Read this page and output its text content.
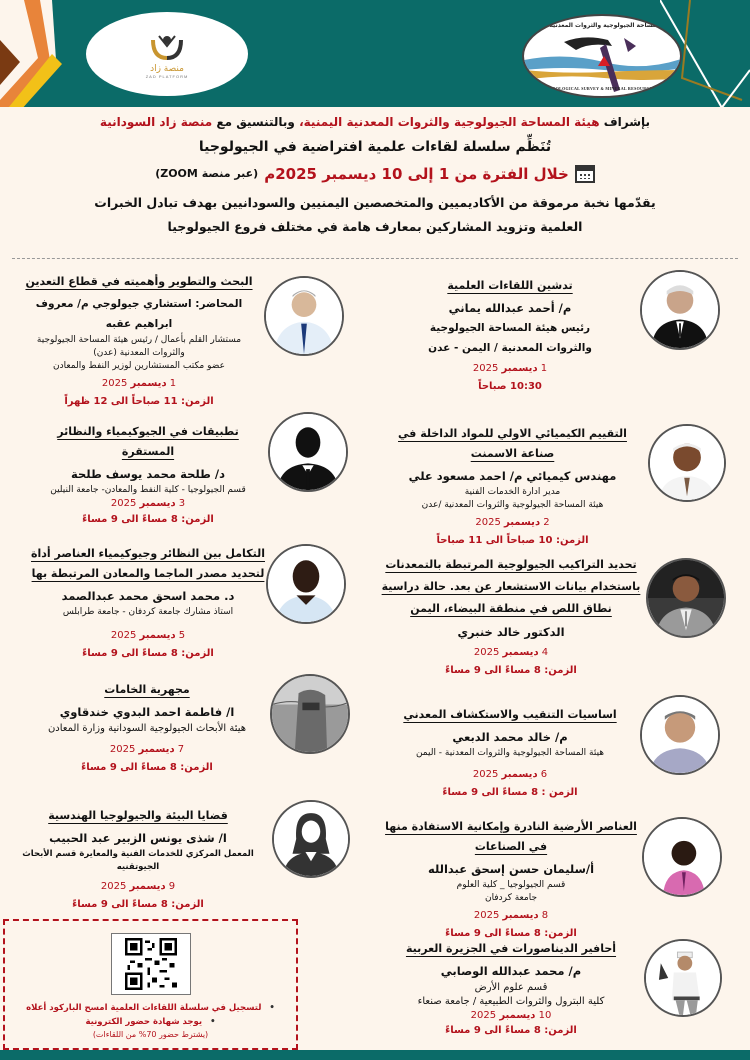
منصة زاد
ZAD PLATFORM
هيئة المساحة الجيولوجية والثروات المعدنية اليمنية
YEMEN GEOLOGICAL SURVEY & MINERAL RESOURCES BOARD
بإشراف هيئة المساحة الجيولوجية والثروات المعدنية اليمنية، وبالتنسيق مع منصة زاد السودانية
تُنَظِّم سلسلة لقاءات علمية افتراضية في الجيولوجيا
خلال الفترة من 1 إلى 10 ديسمبر 2025م
(عبر منصة ZOOM)
يقدّمها نخبة مرموقة من الأكاديميين والمتخصصين اليمنيين والسودانيين بهدف تبادل الخبرات العلمية وتزويد المشاركين بمعارف هامة في مختلف فروع الجيولوجيا
تدشين اللقاءات العلمية
م/ أحمد عبدالله يماني
رئيس هيئة المساحة الجيولوجية
والثروات المعدنية / اليمن - عدن
1 ديسمبر 2025
10:30 صباحاً
التقييم الكيميائي الاولي للمواد الداخلة في صناعة الاسمنت
مهندس كيميائي م/ احمد مسعود علي
مدير ادارة الخدمات الفنية
هيئة المساحة الجيولوجية والثروات المعدنية /عدن
2 ديسمبر 2025
الزمن: 10 صباحاً الى 11 صباحاً
تحديد التراكيب الجيولوجية المرتبطة بالتمعدنات باستخدام بيانات الاستشعار عن بعد. حالة دراسية نطاق اللص في منطقة البيضاء، اليمن
الدكتور خالد خنبري
4 ديسمبر 2025
الزمن: 8 مساءً الى 9 مساءً
اساسيات التنقيب والاستكشاف المعدني
م/ خالد محمد الدبعي
هيئة المساحة الجيولوجية والثروات المعدنية - اليمن
6 ديسمبر 2025
الزمن : 8 مساءً الى 9 مساءً
العناصر الأرضية النادرة وإمكانية الاستفادة منها في الصناعات
أ/سليمان حسن إسحق عبدالله
قسم الجيولوجيا _ كلية العلوم
جامعة كردفان
8 ديسمبر 2025
الزمن: 8 مساءً الى 9 مساءً
أحافير الديناصورات في الجزيرة العربية
م/ محمد عبدالله الوصابي
قسم علوم الأرض
كلية البترول والثروات الطبيعية / جامعة صنعاء
10 ديسمبر 2025
الزمن: 8 مساءً الى 9 مساءً
البحث والتطوير وأهميته في قطاع التعدين
المحاضر: استشاري جيولوجي م/ معروف ابراهيم عقبه
مستشار القلم بأعمال / رئيس هيئة المساحة الجيولوجية
والثروات المعدنية (عدن)
عضو مكتب المستشارين لوزير النفط والمعادن
1 ديسمبر 2025
الزمن: 11 صباحاً الى 12 ظهراً
تطبيقات في الجيوكيمياء والنظائر المستقرة
د/ طلحة محمد يوسف طلحة
قسم الجيولوجيا - كلية النفط والمعادن- جامعة النيلين
3 ديسمبر 2025
الزمن: 8 مساءً الى 9 مساءً
التكامل بين النظائر وجيوكيمياء العناصر أداة لتحديد مصدر الماجما والمعادن المرتبطة بها
د. محمد اسحق محمد عبدالصمد
استاذ مشارك جامعة كردفان - جامعة طرابلس
5 ديسمبر 2025
الزمن: 8 مساءً الى 9 مساءً
مجهرية الخامات
ا/ فاطمة احمد البدوي خندقاوي
هيئة الأبحاث الجيولوجية السودانية وزارة المعادن
7 ديسمبر 2025
الزمن: 8 مساءً الى 9 مساءً
قضايا البيئة والجيولوجيا الهندسية
ا/ شذى يونس الزبير عبد الحبيب
المعمل المركزي للخدمات الفنية والمعايرة قسم الأبحاث الجيوتقنيه
9 ديسمبر 2025
الزمن: 8 مساءً الى 9 مساءً
• لتسجيل في سلسلة اللقاءات العلمية امسح الباركود أعلاه
• يوجد شهادة حضور الكترونية
(يشترط حضور 70% من اللقاءات)
